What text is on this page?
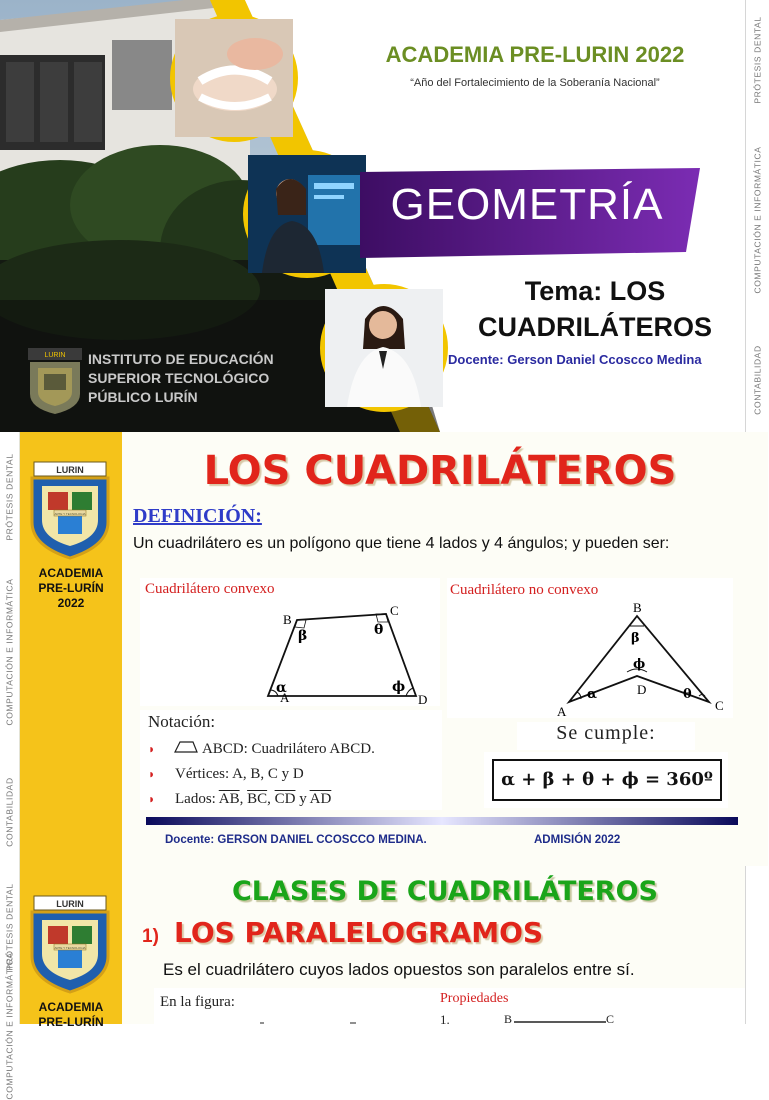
ACADEMIA PRE-LURIN 2022
“Año del Fortalecimiento de la Soberanía Nacional”
GEOMETRÍA
Tema: LOS
CUADRILÁTEROS
Docente: Gerson Daniel Ccoscco Medina
LURIN INSTITUTO DE EDUCACIÓN
SUPERIOR TECNOLÓGICO
PÚBLICO LURÍN
PRÓTESIS DENTAL
COMPUTACIÓN E INFORMÁTICA
CONTABILIDAD
PRÓTESIS DENTAL
COMPUTACIÓN E INFORMÁTICA
CONTABILIDAD
LURIN
ARTE Y TECNOLOGIA
ACADEMIA
PRE-LURÍN
2022
LOS CUADRILÁTEROS
DEFINICIÓN:
Un cuadrilátero es un polígono que tiene 4 lados y 4 ángulos; y pueden ser:
Cuadrilátero convexo
A
B
C
D
α
β	θ
ϕ
Cuadrilátero no convexo
B
A	C
D
α
β
θ
ϕ
Notación:
◗	ABCD: Cuadrilátero ABCD.
◗ Vértices: A, B, C y D
◗ Lados: $\overline{AB}$, $\overline{BC}$, $\overline{CD}$ y $\overline{AD}$
Se cumple:
α + β + θ + ϕ = 360º
Docente: GERSON DANIEL CCOSCCO MEDINA.	ADMISIÓN 2022
PRÓTESIS DENTAL
COMPUTACIÓN E INFORMÁTICA
LURIN
ARTE Y TECNOLOGIA
ACADEMIA
PRE-LURÍN
CLASES DE CUADRILÁTEROS
1) LOS PARALELOGRAMOS
Es el cuadrilátero cuyos lados opuestos son paralelos entre sí.
En la figura:	Propiedades
1.	B	C
